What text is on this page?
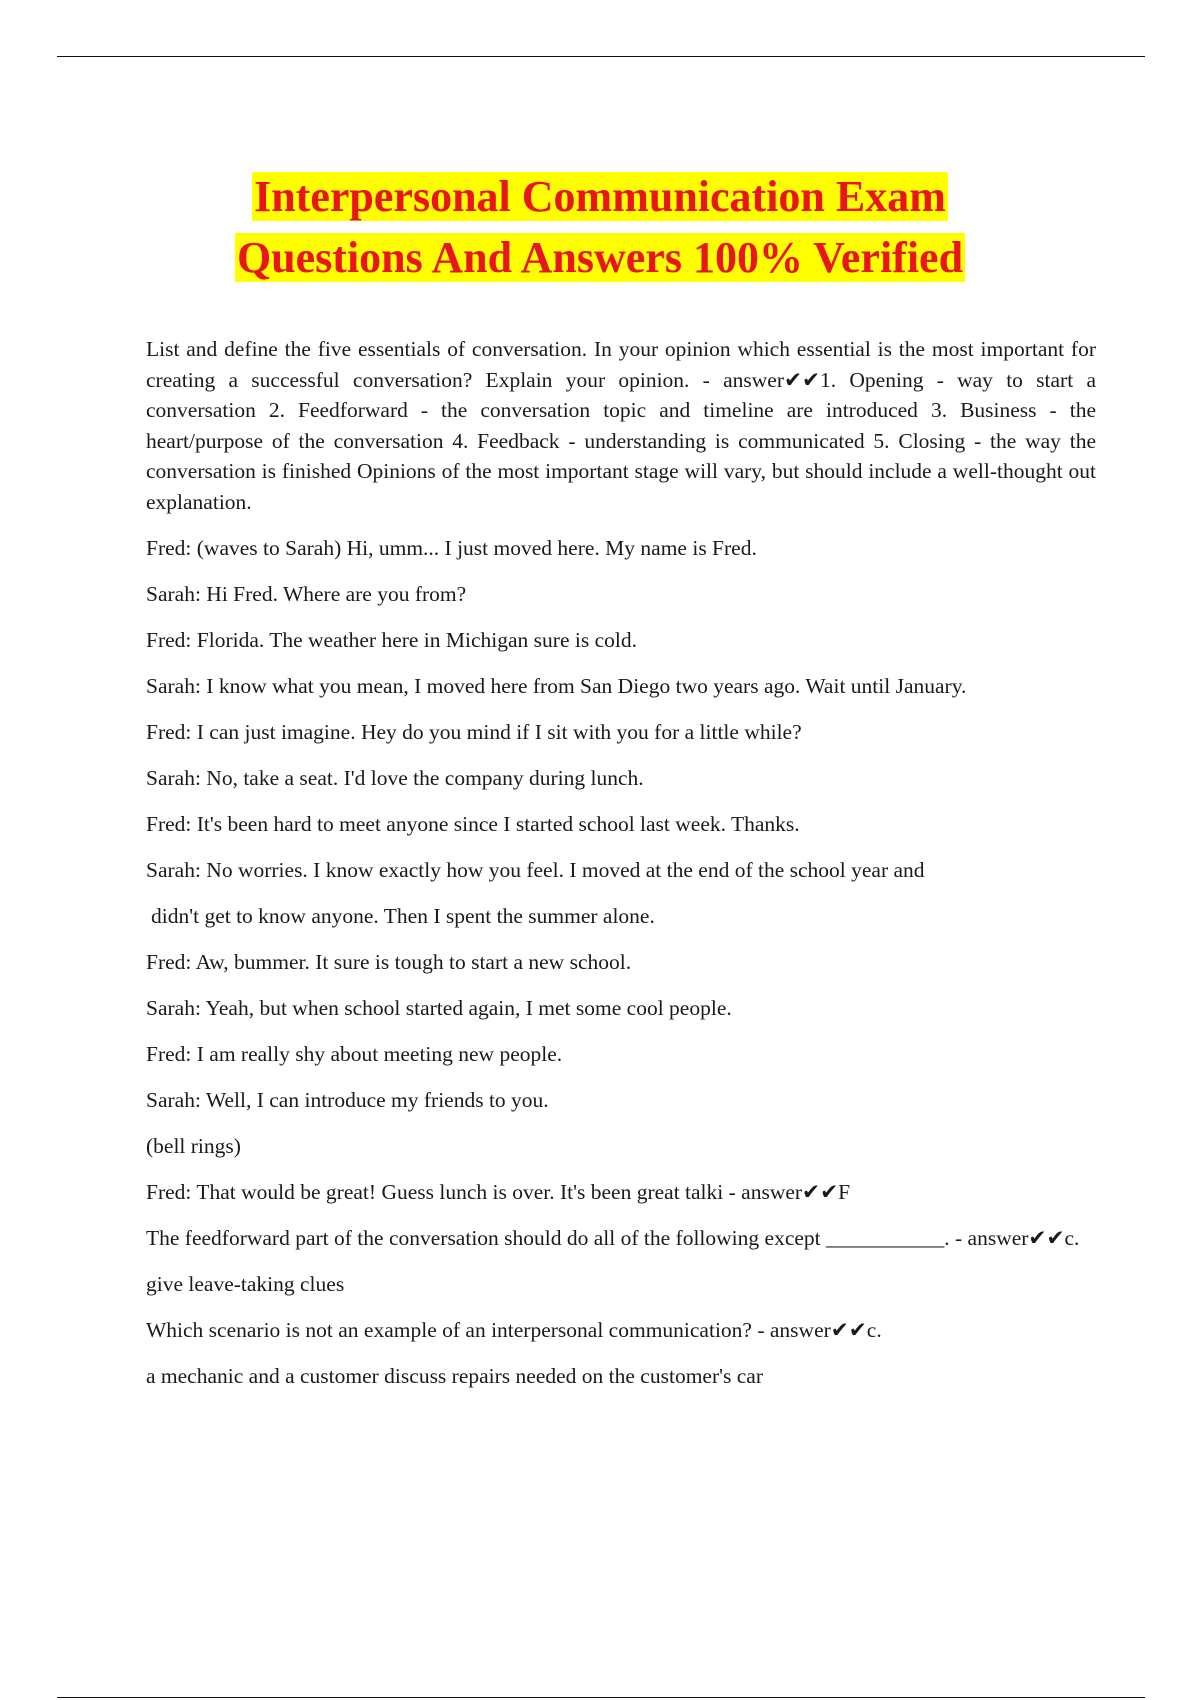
Interpersonal Communication Exam
Questions And Answers 100% Verified

List and define the five essentials of conversation. In your opinion which essential is the most important for creating a successful conversation? Explain your opinion. - answer✔✔1. Opening - way to start a conversation 2. Feedforward - the conversation topic and timeline are introduced 3. Business - the heart/purpose of the conversation 4. Feedback - understanding is communicated 5. Closing - the way the conversation is finished Opinions of the most important stage will vary, but should include a well-thought out explanation.

Fred: (waves to Sarah) Hi, umm... I just moved here. My name is Fred.

Sarah: Hi Fred. Where are you from?

Fred: Florida. The weather here in Michigan sure is cold.

Sarah: I know what you mean, I moved here from San Diego two years ago. Wait until January.

Fred: I can just imagine. Hey do you mind if I sit with you for a little while?

Sarah: No, take a seat. I'd love the company during lunch.

Fred: It's been hard to meet anyone since I started school last week. Thanks.

Sarah: No worries. I know exactly how you feel. I moved at the end of the school year and

didn't get to know anyone. Then I spent the summer alone.

Fred: Aw, bummer. It sure is tough to start a new school.

Sarah: Yeah, but when school started again, I met some cool people.

Fred: I am really shy about meeting new people.

Sarah: Well, I can introduce my friends to you.

(bell rings)

Fred: That would be great! Guess lunch is over. It's been great talki - answer✔✔F

The feedforward part of the conversation should do all of the following except ___________. - answer✔✔c.

give leave-taking clues

Which scenario is not an example of an interpersonal communication? - answer✔✔c.

a mechanic and a customer discuss repairs needed on the customer's car
